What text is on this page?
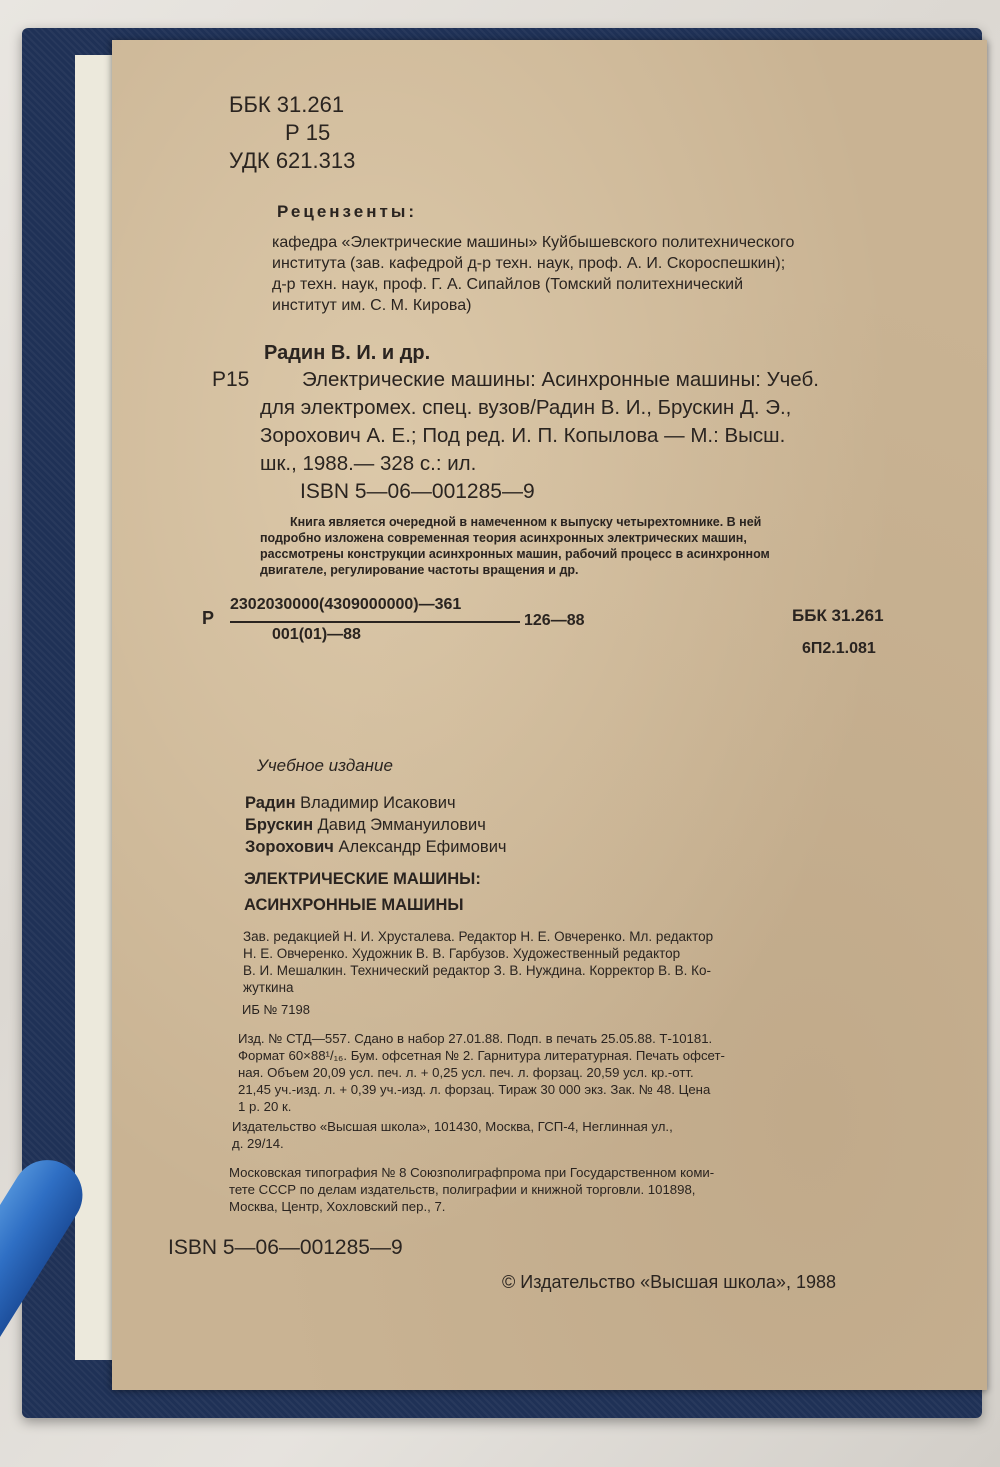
ББК 31.261
Р 15
УДК 621.313
Рецензенты:
кафедра «Электрические машины» Куйбышевского политехнического
института (зав. кафедрой д-р техн. наук, проф. А. И. Скороспешкин);
д-р техн. наук, проф. Г. А. Сипайлов (Томский политехнический
институт им. С. М. Кирова)
Радин В. И. и др.
Р15	Электрические машины: Асинхронные машины: Учеб.
для электромех. спец. вузов/Радин В. И., Брускин Д. Э.,
Зорохович А. Е.; Под ред. И. П. Копылова — М.: Высш.
шк., 1988.— 328 с.: ил.
ISBN 5—06—001285—9
Книга является очередной в намеченном к выпуску четырехтомнике. В ней
подробно изложена современная теория асинхронных электрических машин,
рассмотрены конструкции асинхронных машин, рабочий процесс в асинхронном
двигателе, регулирование частоты вращения и др.
Р
2302030000(4309000000)—361
001(01)—88
126—88	ББК 31.261
6П2.1.081
Учебное издание
Радин Владимир Исакович
Брускин Давид Эммануилович
Зорохович Александр Ефимович
ЭЛЕКТРИЧЕСКИЕ МАШИНЫ:
АСИНХРОННЫЕ МАШИНЫ
Зав. редакцией Н. И. Хрусталева. Редактор Н. Е. Овчеренко. Мл. редактор
Н. Е. Овчеренко. Художник В. В. Гарбузов. Художественный редактор
В. И. Мешалкин. Технический редактор З. В. Нуждина. Корректор В. В. Ко-
жуткина
ИБ № 7198
Изд. № СТД—557. Сдано в набор 27.01.88. Подп. в печать 25.05.88. Т-10181.
Формат 60×88¹/₁₆. Бум. офсетная № 2. Гарнитура литературная. Печать офсет-
ная. Объем 20,09 усл. печ. л. + 0,25 усл. печ. л. форзац. 20,59 усл. кр.-отт.
21,45 уч.-изд. л. + 0,39 уч.-изд. л. форзац. Тираж 30 000 экз. Зак. № 48. Цена
1 р. 20 к.
Издательство «Высшая школа», 101430, Москва, ГСП-4, Неглинная ул.,
д. 29/14.
Московская типография № 8 Союзполиграфпрома при Государственном коми-
тете СССР по делам издательств, полиграфии и книжной торговли. 101898,
Москва, Центр, Хохловский пер., 7.
ISBN 5—06—001285—9
© Издательство «Высшая школа», 1988
